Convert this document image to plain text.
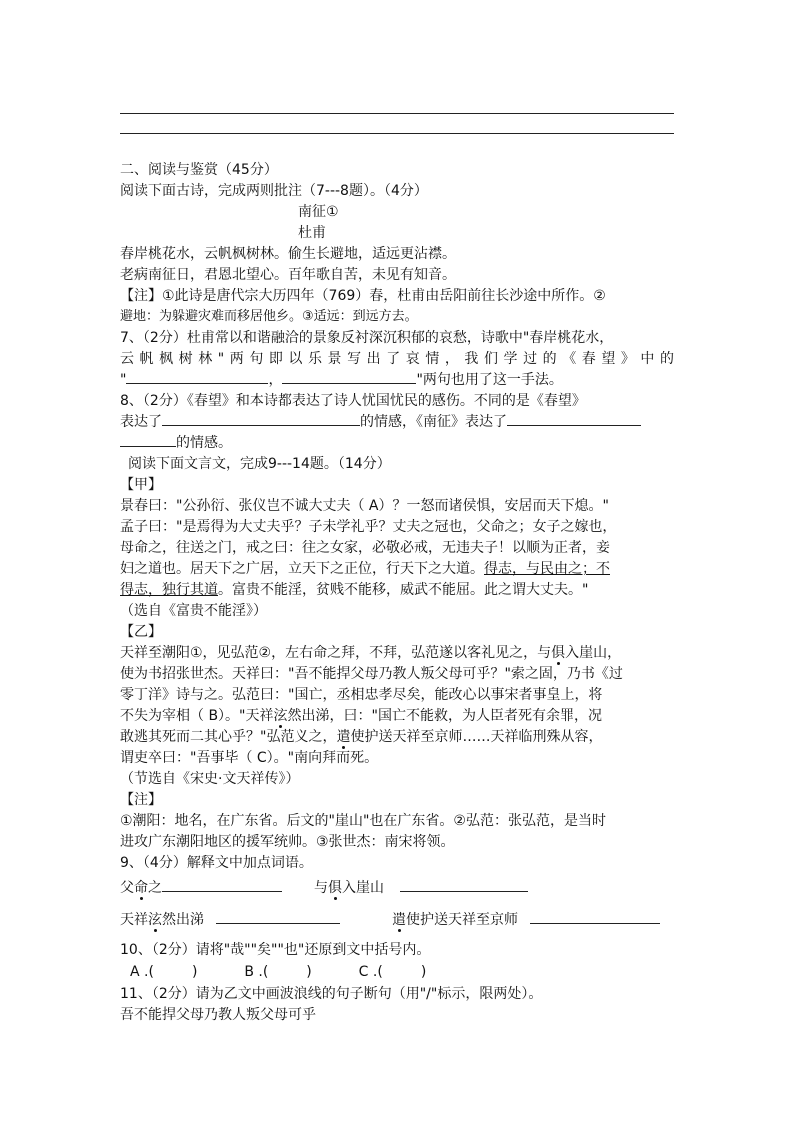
二、阅读与鉴赏（45分）
阅读下面古诗，完成两则批注（7---8题）。（4分）
南征①
杜甫
春岸桃花水，云帆枫树林。偷生长避地，适远更沾襟。
老病南征日，君恩北望心。百年歌自苦，未见有知音。
【注】①此诗是唐代宗大历四年（769）春，杜甫由岳阳前往长沙途中所作。②
避地：为躲避灾难而移居他乡。③适远：到远方去。
7、（2分）杜甫常以和谐融洽的景象反衬深沉积郁的哀愁，诗歌中"春岸桃花水，
云帆枫树林"两句即以乐景写出了哀情，我们学过的《春望》中的
"	，	"两句也用了这一手法。
8、（2分）《春望》和本诗都表达了诗人忧国忧民的感伤。不同的是《春望》
表达了	的情感，《南征》表达了
的情感。
阅读下面文言文，完成9---14题。（14分）
【甲】
景春曰："公孙衍、张仪岂不诚大丈夫（ A）？一怒而诸侯惧，安居而天下熄。"
孟子曰："是焉得为大丈夫乎？子未学礼乎？丈夫之冠也，父命之；女子之嫁也，
母命之，往送之门，戒之曰：往之女家，必敬必戒，无违夫子！以顺为正者，妾
妇之道也。居天下之广居，立天下之正位，行天下之大道。得志，与民由之；不
得志，独行其道。富贵不能淫，贫贱不能移，威武不能屈。此之谓大丈夫。"
（选自《富贵不能淫》）
【乙】
天祥至潮阳①，见弘范②，左右命之拜，不拜，弘范遂以客礼见之，与俱入崖山，
使为书招张世杰。天祥曰："吾不能捍父母乃教人叛父母可乎？"索之固，乃书《过
零丁洋》诗与之。弘范曰："国亡，丞相忠孝尽矣，能改心以事宋者事皇上，将
不失为宰相（ B）。"天祥泫然出涕，曰："国亡不能救，为人臣者死有余罪，况
敢逃其死而二其心乎？"弘范义之，遣使护送天祥至京师……天祥临刑殊从容，
谓吏卒曰："吾事毕（ C）。"南向拜而死。
（节选自《宋史·文天祥传》）
【注】
①潮阳：地名，在广东省。后文的"崖山"也在广东省。②弘范：张弘范，是当时
进攻广东潮阳地区的援军统帅。③张世杰：南宋将领。
9、（4分）解释文中加点词语。
父命之	与俱入崖山
天祥泫然出涕	遣使护送天祥至京师
10、（2分）请将"哉""矣""也"还原到文中括号内。
A .(	)	B .(	)	C .(	)
11、（2分）请为乙文中画波浪线的句子断句（用"/"标示，限两处）。
吾不能捍父母乃教人叛父母可乎
